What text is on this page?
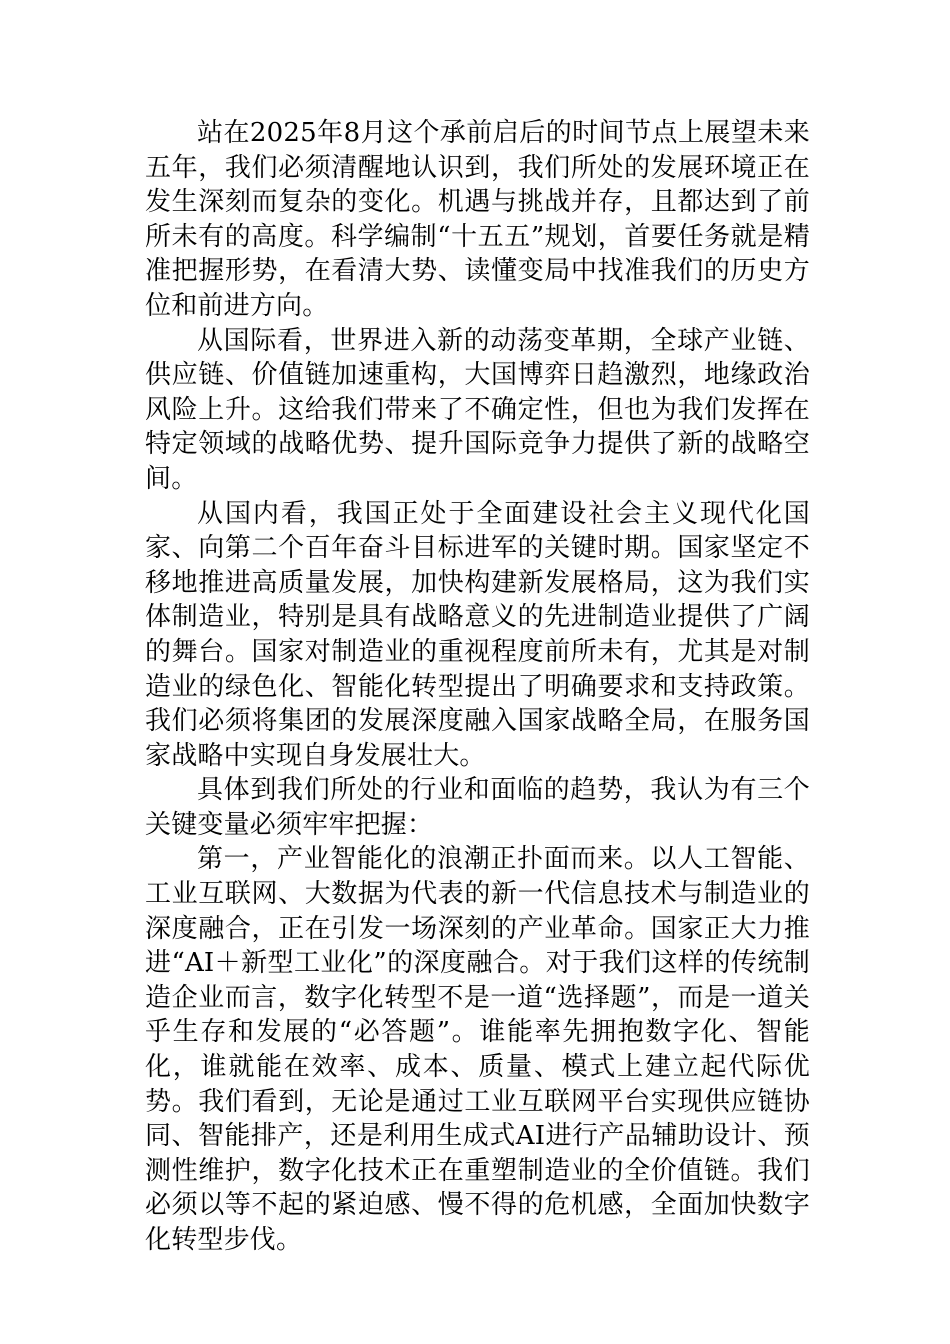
站在2025年8月这个承前启后的时间节点上展望未来五年，我们必须清醒地认识到，我们所处的发展环境正在发生深刻而复杂的变化。机遇与挑战并存，且都达到了前所未有的高度。科学编制“十五五”规划，首要任务就是精准把握形势，在看清大势、读懂变局中找准我们的历史方位和前进方向。

从国际看，世界进入新的动荡变革期，全球产业链、供应链、价值链加速重构，大国博弈日趋激烈，地缘政治风险上升。这给我们带来了不确定性，但也为我们发挥在特定领域的战略优势、提升国际竞争力提供了新的战略空间。

从国内看，我国正处于全面建设社会主义现代化国家、向第二个百年奋斗目标进军的关键时期。国家坚定不移地推进高质量发展，加快构建新发展格局，这为我们实体制造业，特别是具有战略意义的先进制造业提供了广阔的舞台。国家对制造业的重视程度前所未有，尤其是对制造业的绿色化、智能化转型提出了明确要求和支持政策。我们必须将集团的发展深度融入国家战略全局，在服务国家战略中实现自身发展壮大。

具体到我们所处的行业和面临的趋势，我认为有三个关键变量必须牢牢把握：

第一，产业智能化的浪潮正扑面而来。以人工智能、工业互联网、大数据为代表的新一代信息技术与制造业的深度融合，正在引发一场深刻的产业革命。国家正大力推进“AI＋新型工业化”的深度融合。对于我们这样的传统制造企业而言，数字化转型不是一道“选择题”，而是一道关乎生存和发展的“必答题”。谁能率先拥抱数字化、智能化，谁就能在效率、成本、质量、模式上建立起代际优势。我们看到，无论是通过工业互联网平台实现供应链协同、智能排产，还是利用生成式AI进行产品辅助设计、预测性维护，数字化技术正在重塑制造业的全价值链。我们必须以等不起的紧迫感、慢不得的危机感，全面加快数字化转型步伐。
